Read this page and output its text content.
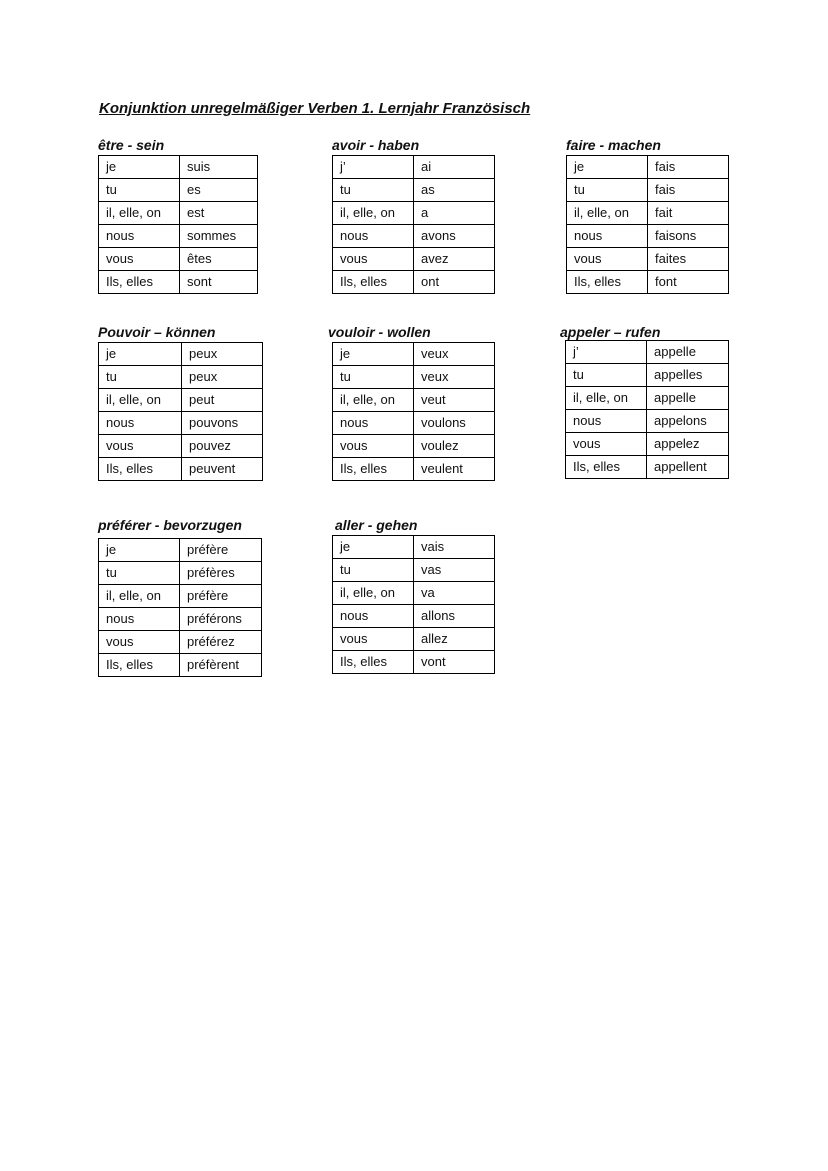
Konjunktion unregelmäßiger Verben 1. Lernjahr Französisch
être - sein
je	suis
tu	es
il, elle, on	est
nous	sommes
vous	êtes
Ils, elles	sont
avoir - haben
j’	ai
tu	as
il, elle, on	a
nous	avons
vous	avez
Ils, elles	ont
faire - machen
je	fais
tu	fais
il, elle, on	fait
nous	faisons
vous	faites
Ils, elles	font
Pouvoir – können
je	peux
tu	peux
il, elle, on	peut
nous	pouvons
vous	pouvez
Ils, elles	peuvent
vouloir - wollen
je	veux
tu	veux
il, elle, on	veut
nous	voulons
vous	voulez
Ils, elles	veulent
appeler – rufen
j’	appelle
tu	appelles
il, elle, on	appelle
nous	appelons
vous	appelez
Ils, elles	appellent
préférer - bevorzugen
je	préfère
tu	préfères
il, elle, on	préfère
nous	préférons
vous	préférez
Ils, elles	préfèrent
aller - gehen
je	vais
tu	vas
il, elle, on	va
nous	allons
vous	allez
Ils, elles	vont
